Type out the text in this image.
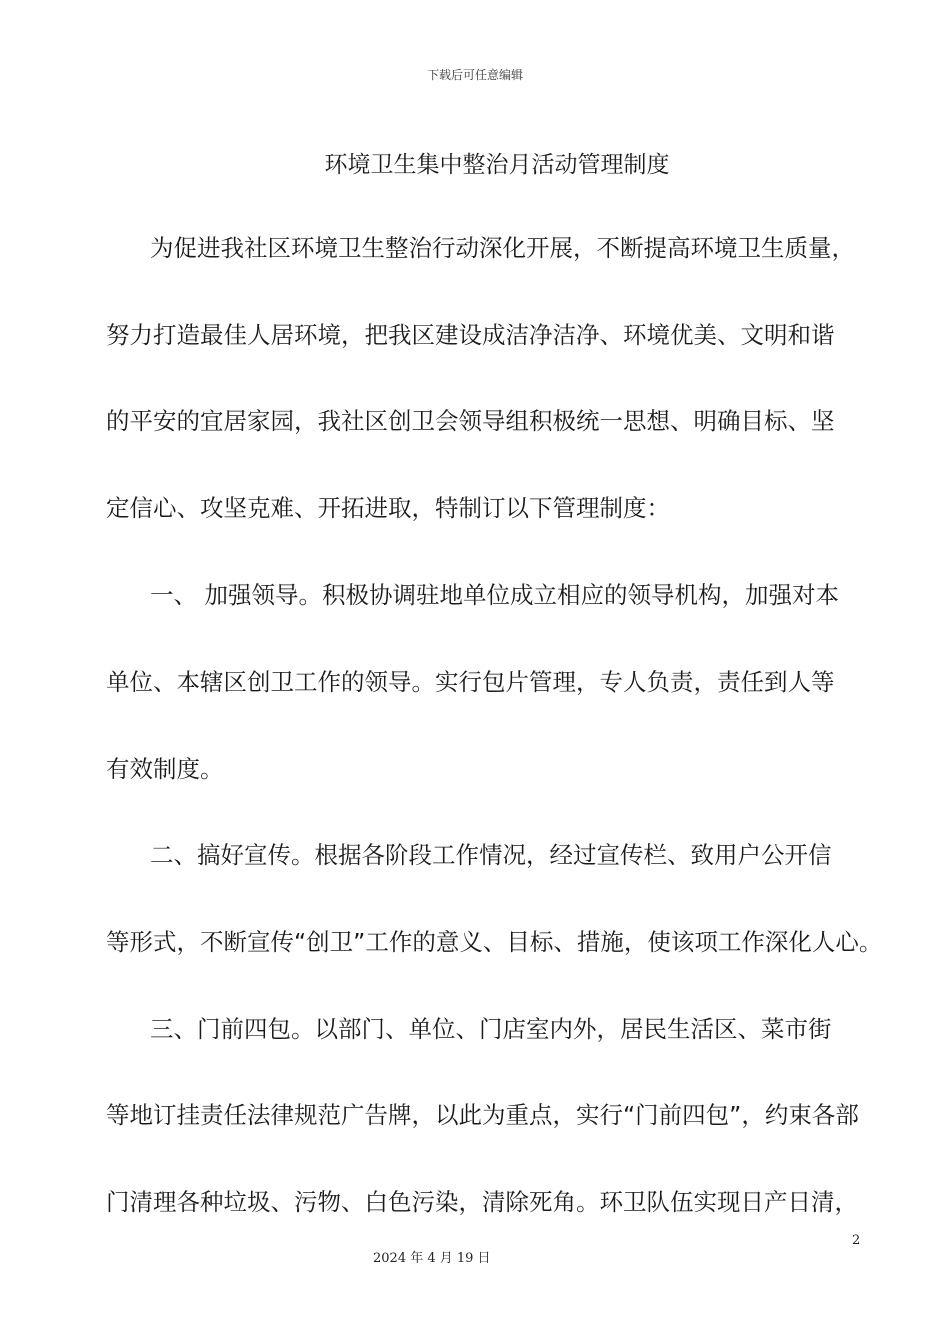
下载后可任意编辑
环境卫生集中整治月活动管理制度
为促进我社区环境卫生整治行动深化开展，不断提高环境卫生质量，
努力打造最佳人居环境，把我区建设成洁净洁净、环境优美、文明和谐
的平安的宜居家园，我社区创卫会领导组积极统一思想、明确目标、坚
定信心、攻坚克难、开拓进取，特制订以下管理制度：
一、 加强领导。积极协调驻地单位成立相应的领导机构，加强对本
单位、本辖区创卫工作的领导。实行包片管理，专人负责，责任到人等
有效制度。
二、搞好宣传。根据各阶段工作情况，经过宣传栏、致用户公开信
等形式，不断宣传“创卫”工作的意义、目标、措施，使该项工作深化人心。
三、门前四包。以部门、单位、门店室内外，居民生活区、菜市街
等地订挂责任法律规范广告牌，以此为重点，实行“门前四包”，约束各部
门清理各种垃圾、污物、白色污染，清除死角。环卫队伍实现日产日清，
2
2024 年 4 月 19 日
